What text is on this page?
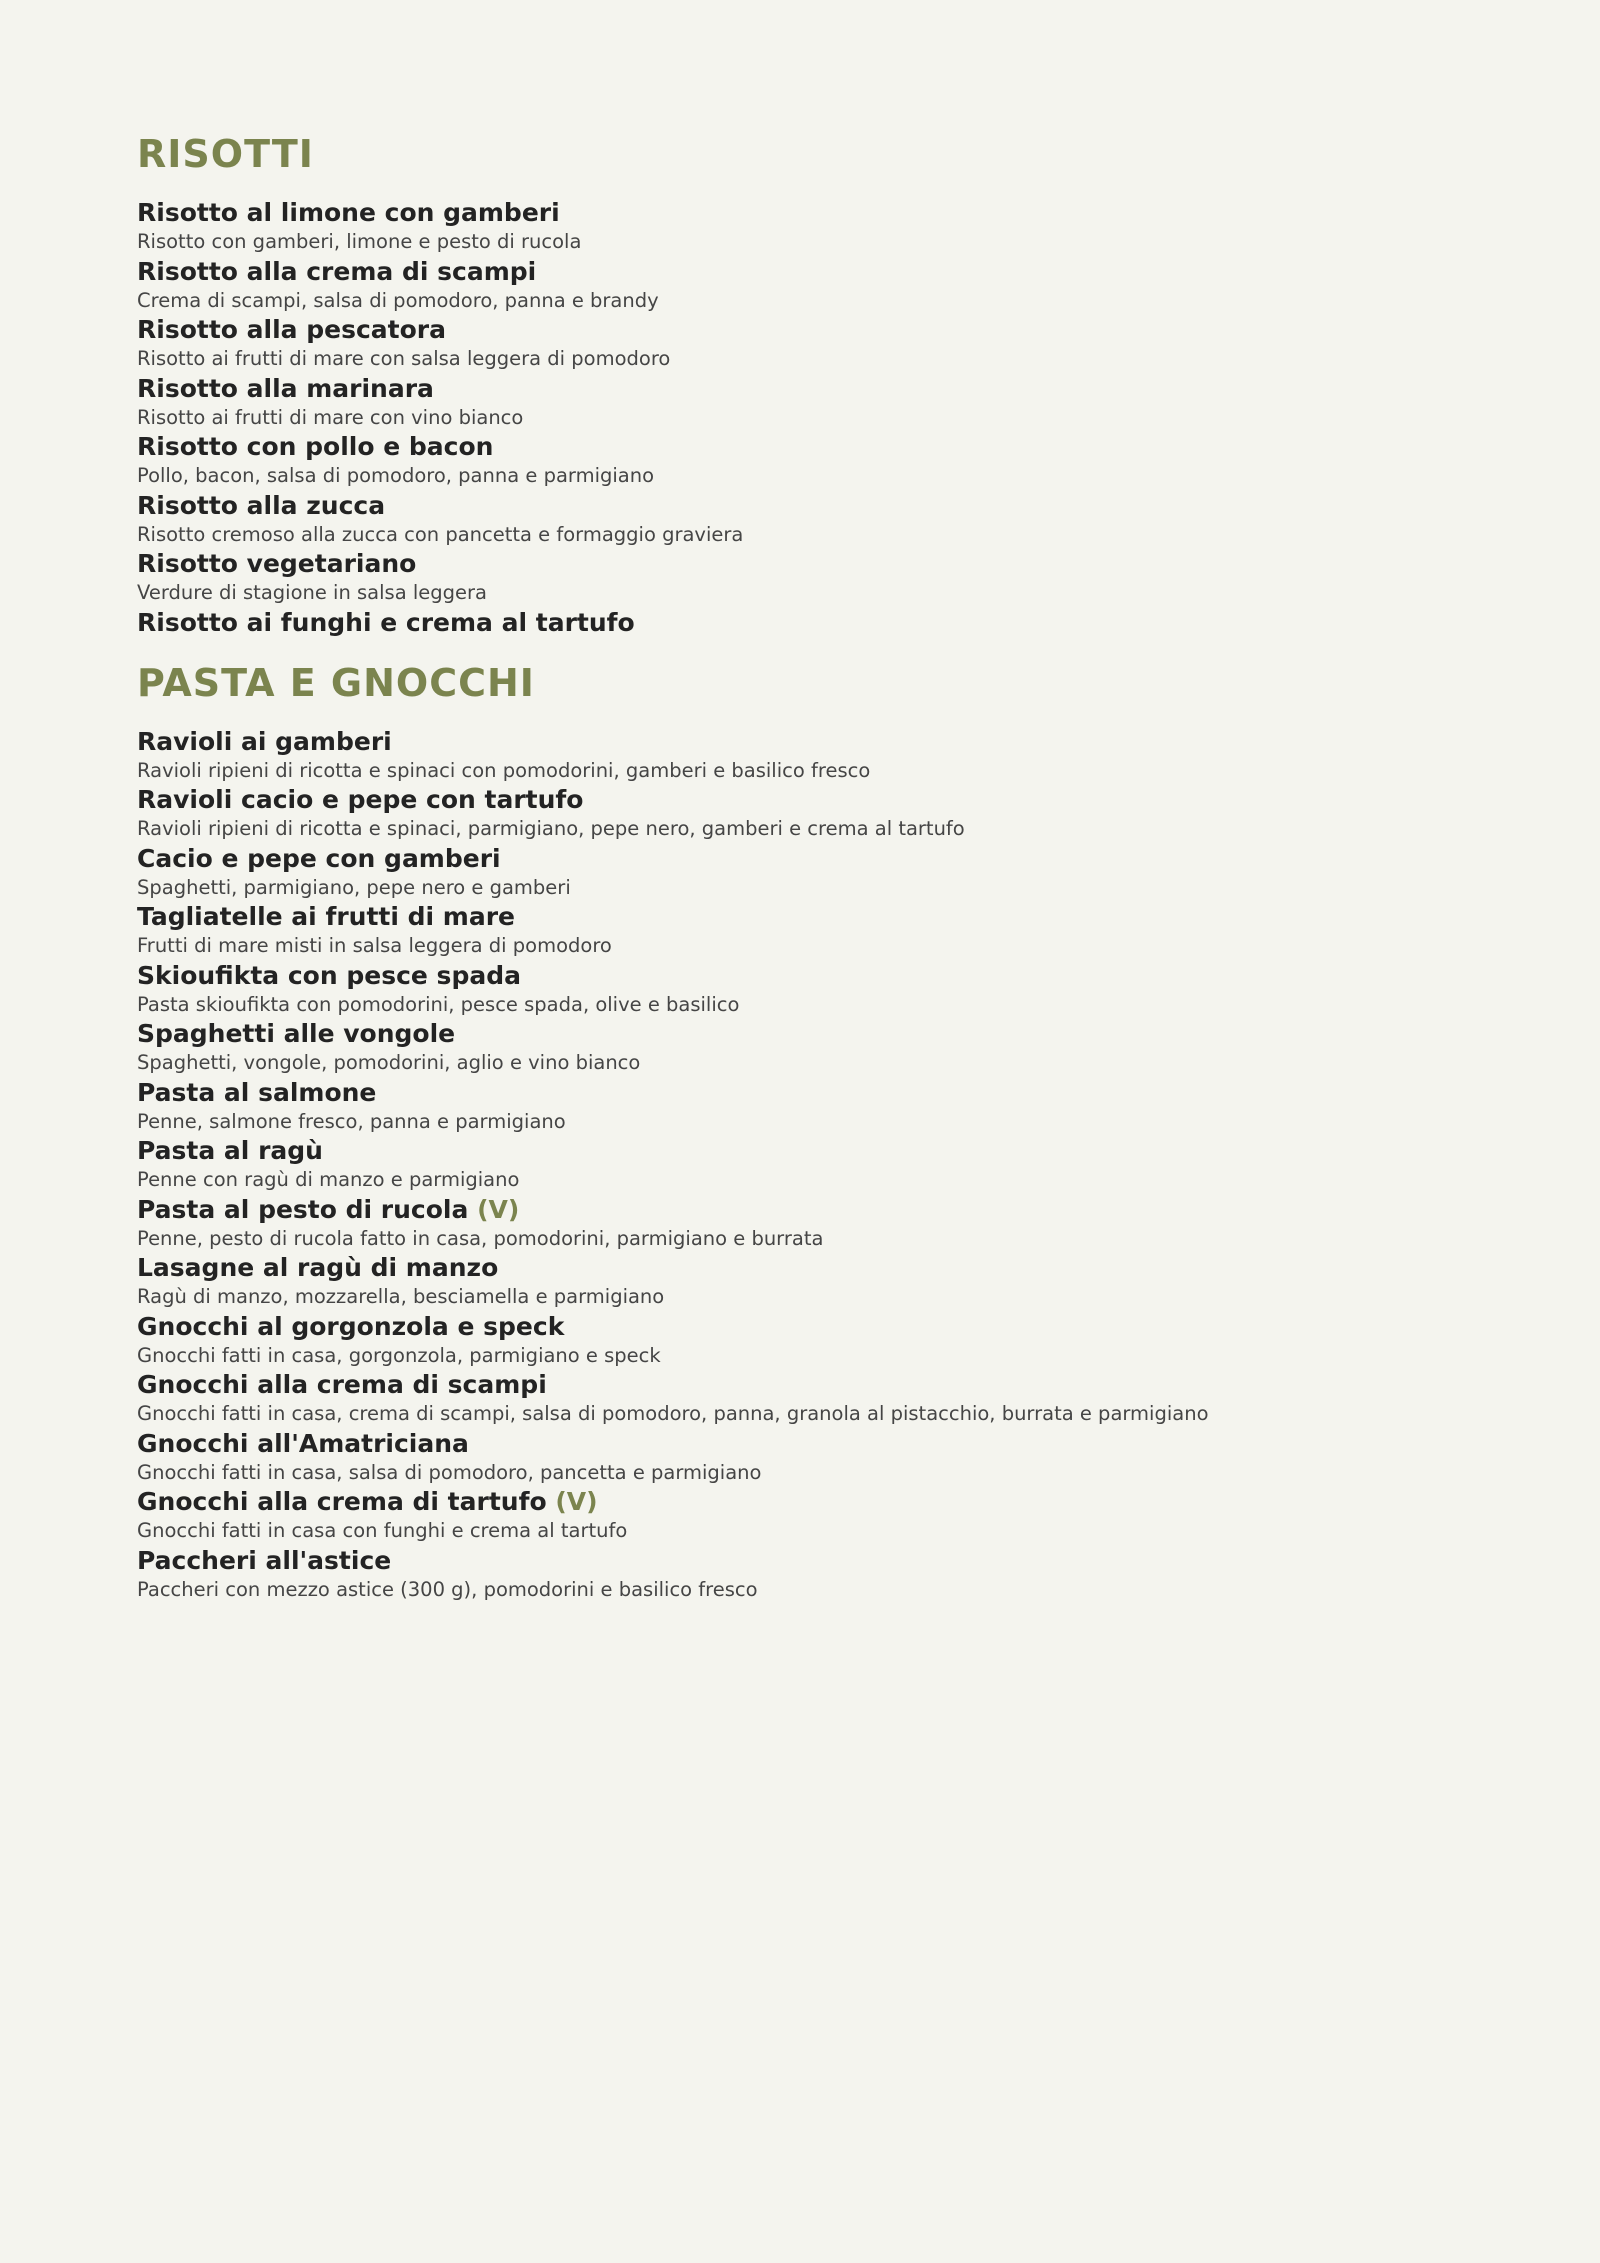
RISOTTI
Risotto al limone con gamberi
Risotto con gamberi, limone e pesto di rucola
Risotto alla crema di scampi
Crema di scampi, salsa di pomodoro, panna e brandy
Risotto alla pescatora
Risotto ai frutti di mare con salsa leggera di pomodoro
Risotto alla marinara
Risotto ai frutti di mare con vino bianco
Risotto con pollo e bacon
Pollo, bacon, salsa di pomodoro, panna e parmigiano
Risotto alla zucca
Risotto cremoso alla zucca con pancetta e formaggio graviera
Risotto vegetariano
Verdure di stagione in salsa leggera
Risotto ai funghi e crema al tartufo
PASTA E GNOCCHI
Ravioli ai gamberi
Ravioli ripieni di ricotta e spinaci con pomodorini, gamberi e basilico fresco
Ravioli cacio e pepe con tartufo
Ravioli ripieni di ricotta e spinaci, parmigiano, pepe nero, gamberi e crema al tartufo
Cacio e pepe con gamberi
Spaghetti, parmigiano, pepe nero e gamberi
Tagliatelle ai frutti di mare
Frutti di mare misti in salsa leggera di pomodoro
Skioufikta con pesce spada
Pasta skioufikta con pomodorini, pesce spada, olive e basilico
Spaghetti alle vongole
Spaghetti, vongole, pomodorini, aglio e vino bianco
Pasta al salmone
Penne, salmone fresco, panna e parmigiano
Pasta al ragù
Penne con ragù di manzo e parmigiano
Pasta al pesto di rucola (V)
Penne, pesto di rucola fatto in casa, pomodorini, parmigiano e burrata
Lasagne al ragù di manzo
Ragù di manzo, mozzarella, besciamella e parmigiano
Gnocchi al gorgonzola e speck
Gnocchi fatti in casa, gorgonzola, parmigiano e speck
Gnocchi alla crema di scampi
Gnocchi fatti in casa, crema di scampi, salsa di pomodoro, panna, granola al pistacchio, burrata e parmigiano
Gnocchi all'Amatriciana
Gnocchi fatti in casa, salsa di pomodoro, pancetta e parmigiano
Gnocchi alla crema di tartufo (V)
Gnocchi fatti in casa con funghi e crema al tartufo
Paccheri all'astice
Paccheri con mezzo astice (300 g), pomodorini e basilico fresco
